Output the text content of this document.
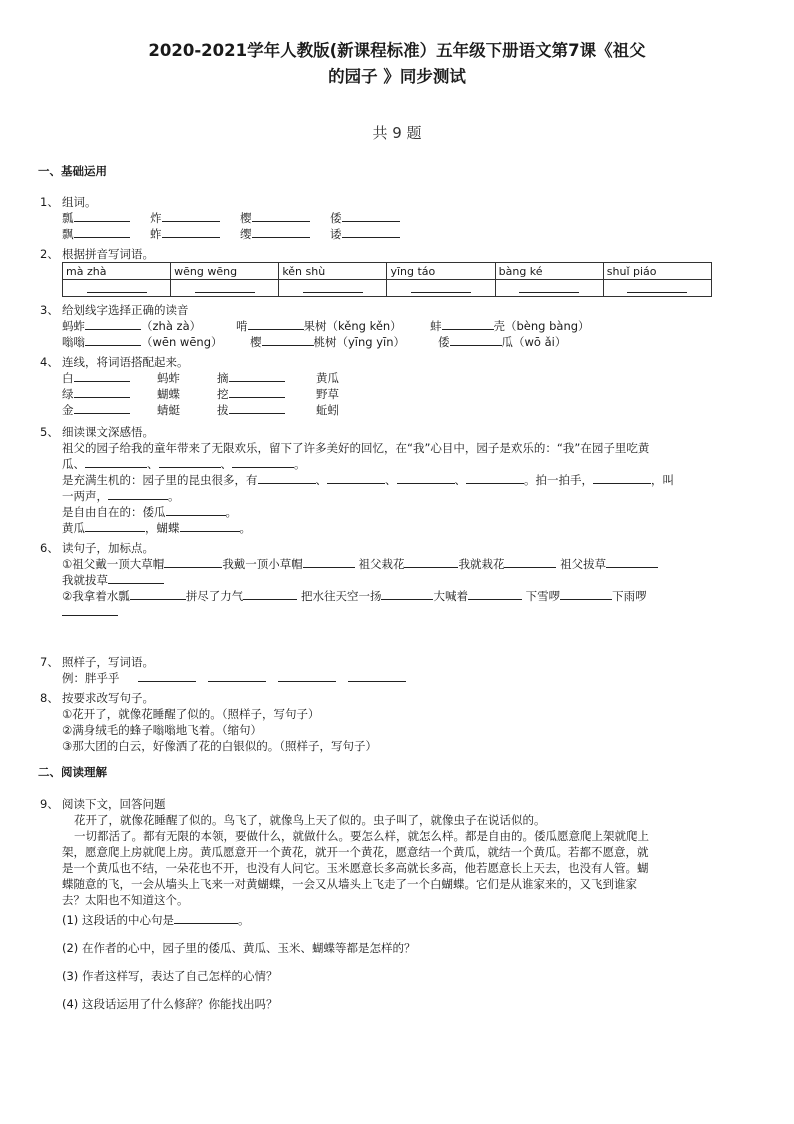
2020-2021学年人教版(新课程标准）五年级下册语文第7课《祖父
的园子 》同步测试
共 9 题
一、基础运用
1、 组词。
瓢	炸	樱	倭
飘	蚱	缨	诿
2、 根据拼音写词语。
mà zhà	wēng wēng	kěn shù	yīng táo	bàng ké	shuǐ piáo

3、 给划线字选择正确的读音
蚂蚱	（zhà zà）	啃	果树（kěng kěn） 蚌	壳（bèng bàng）
嗡嗡	（wēn wēng） 樱	桃树（yīng yīn）	倭	瓜（wō ǎi）
4、 连线，将词语搭配起来。
白	蚂蚱	摘	黄瓜
绿	蝴蝶	挖	野草
金	蜻蜓	拔	蚯蚓
5、 细读课文深感悟。
祖父的园子给我的童年带来了无限欢乐，留下了许多美好的回忆，在“我”心目中，园子是欢乐的：“我”在园子里吃黄
瓜、	、	、	。
是充满生机的：园子里的昆虫很多，有	、	、	、	。拍一拍手，	，叫
一两声，	。
是自由自在的：倭瓜	。
黄瓜	，蝴蝶	。
6、 读句子，加标点。
①祖父戴一顶大草帽	我戴一顶小草帽	祖父栽花	我就栽花	祖父拔草
我就拔草
②我拿着水瓢	拼尽了力气	把水往天空一扬	大喊着	下雪啰	下雨啰
7、 照样子，写词语。
例：胖乎乎
8、 按要求改写句子。
①花开了，就像花睡醒了似的。（照样子，写句子）
②满身绒毛的蜂子嗡嗡地飞着。（缩句）
③那大团的白云，好像洒了花的白银似的。（照样子，写句子）
二、阅读理解
9、 阅读下文，回答问题
花开了，就像花睡醒了似的。鸟飞了，就像鸟上天了似的。虫子叫了，就像虫子在说话似的。
一切都活了。都有无限的本领，要做什么，就做什么。要怎么样，就怎么样。都是自由的。倭瓜愿意爬上架就爬上
架，愿意爬上房就爬上房。黄瓜愿意开一个黄花，就开一个黄花，愿意结一个黄瓜，就结一个黄瓜。若都不愿意，就
是一个黄瓜也不结，一朵花也不开，也没有人问它。玉米愿意长多高就长多高，他若愿意长上天去，也没有人管。蝴
蝶随意的飞，一会从墙头上飞来一对黄蝴蝶，一会又从墙头上飞走了一个白蝴蝶。它们是从谁家来的，又飞到谁家
去？太阳也不知道这个。
(1) 这段话的中心句是	。
(2) 在作者的心中，园子里的倭瓜、黄瓜、玉米、蝴蝶等都是怎样的？
(3) 作者这样写，表达了自己怎样的心情？
(4) 这段话运用了什么修辞？你能找出吗？
